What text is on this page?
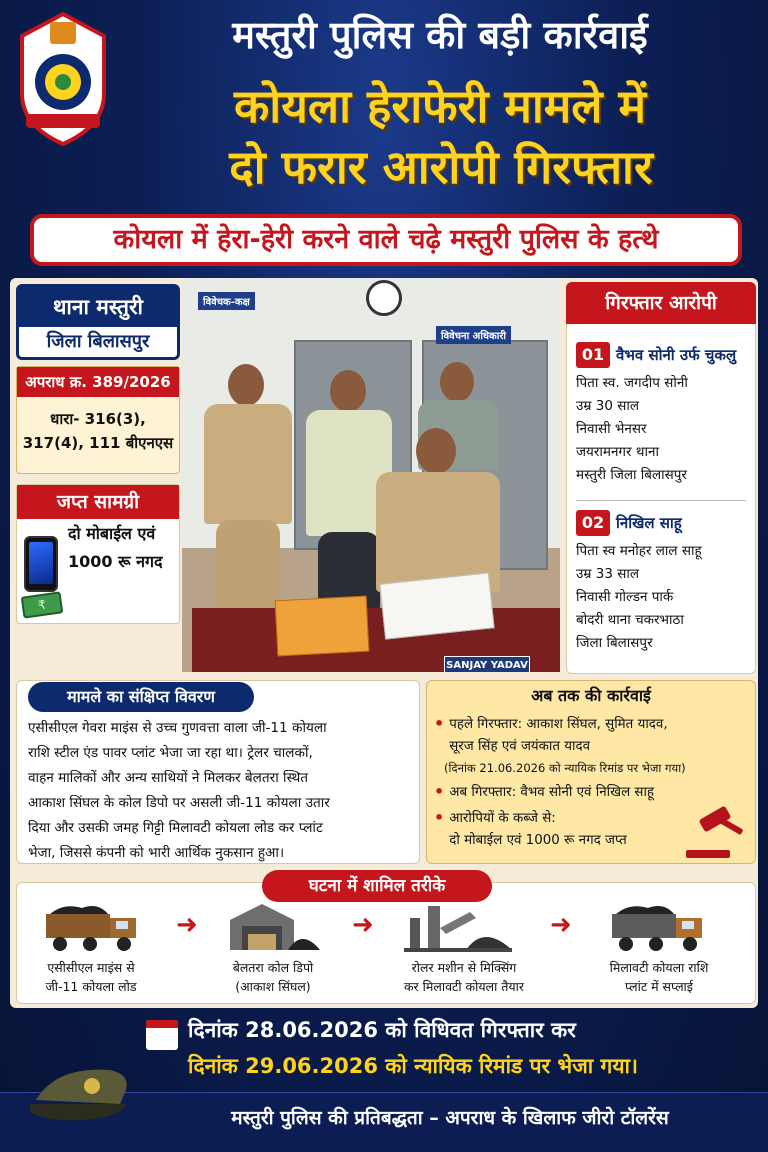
मस्तुरी पुलिस की बड़ी कार्रवाई
कोयला हेराफेरी मामले में
दो फरार आरोपी गिरफ्तार
कोयला में हेरा-हेरी करने वाले चढ़े मस्तुरी पुलिस के हत्थे
थाना मस्तुरी
जिला बिलासपुर
अपराध क्र. 389/2026
धारा- 316(3),
317(4), 111 बीएनएस
जप्त सामग्री
₹
दो मोबाईल एवं
1000 रू नगद
विवेचक-कक्ष
विवेचना अधिकारी
SANJAY YADAV
गिरफ्तार आरोपी
01 वैभव सोनी उर्फ चुकलु
पिता स्व. जगदीप सोनी
उम्र 30 साल
निवासी भेनसर
जयरामनगर थाना
मस्तुरी जिला बिलासपुर
02 निखिल साहू
पिता स्व मनोहर लाल साहू
उम्र 33 साल
निवासी गोल्डन पार्क
बोदरी थाना चकरभाठा
जिला बिलासपुर
मामले का संक्षिप्त विवरण
एसीसीएल गेवरा माइंस से उच्च गुणवत्ता वाला जी-11 कोयला
राशि स्टील एंड पावर प्लांट भेजा जा रहा था। ट्रेलर चालकों,
वाहन मालिकों और अन्य साथियों ने मिलकर बेलतरा स्थित
आकाश सिंघल के कोल डिपो पर असली जी-11 कोयला उतार
दिया और उसकी जमह गिट्टी मिलावटी कोयला लोड कर प्लांट
भेजा, जिससे कंपनी को भारी आर्थिक नुकसान हुआ।
अब तक की कार्रवाई
• पहले गिरफ्तार: आकाश सिंघल, सुमित यादव,
सूरज सिंह एवं जयंकात यादव
(दिनांक 21.06.2026 को न्यायिक रिमांड पर भेजा गया)
• अब गिरफ्तार: वैभव सोनी एवं निखिल साहू
• आरोपियों के कब्जे से:
दो मोबाईल एवं 1000 रू नगद जप्त
घटना में शामिल तरीके
एसीसीएल माइंस से
जी-11 कोयला लोड
➜
बेलतरा कोल डिपो
(आकाश सिंघल)
➜
रोलर मशीन से मिक्सिंग
कर मिलावटी कोयला तैयार
➜
मिलावटी कोयला राशि
प्लांट में सप्लाई
दिनांक 28.06.2026 को विधिवत गिरफ्तार कर
दिनांक 29.06.2026 को न्यायिक रिमांड पर भेजा गया।
मस्तुरी पुलिस की प्रतिबद्धता – अपराध के खिलाफ जीरो टॉलरेंस
